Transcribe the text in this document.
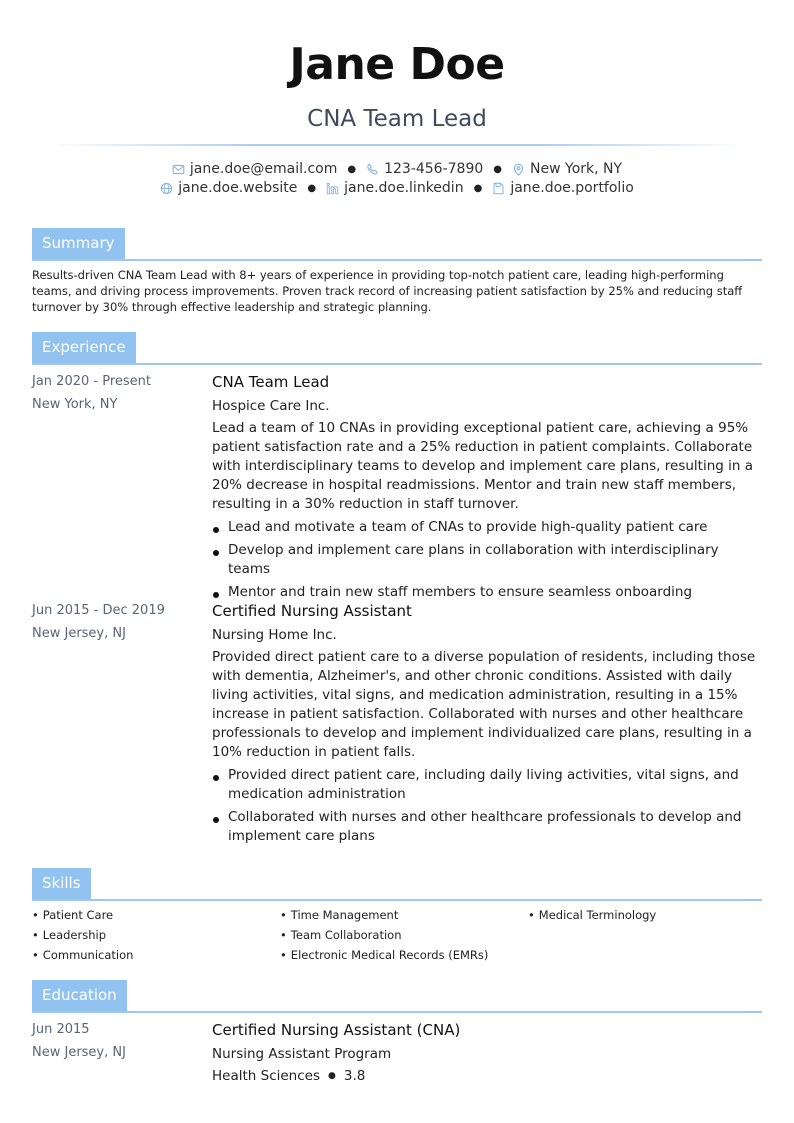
Jane Doe
CNA Team Lead
jane.doe@email.com ● 123-456-7890 ● New York, NY
jane.doe.website ● jane.doe.linkedin ● jane.doe.portfolio
Summary
Results-driven CNA Team Lead with 8+ years of experience in providing top-notch patient care, leading high-performing teams, and driving process improvements. Proven track record of increasing patient satisfaction by 25% and reducing staff turnover by 30% through effective leadership and strategic planning.
Experience
Jan 2020 - Present
New York, NY
CNA Team Lead
Hospice Care Inc.
Lead a team of 10 CNAs in providing exceptional patient care, achieving a 95% patient satisfaction rate and a 25% reduction in patient complaints. Collaborate with interdisciplinary teams to develop and implement care plans, resulting in a 20% decrease in hospital readmissions. Mentor and train new staff members, resulting in a 30% reduction in staff turnover.
Lead and motivate a team of CNAs to provide high-quality patient care
Develop and implement care plans in collaboration with interdisciplinary teams
Mentor and train new staff members to ensure seamless onboarding
Jun 2015 - Dec 2019
New Jersey, NJ
Certified Nursing Assistant
Nursing Home Inc.
Provided direct patient care to a diverse population of residents, including those with dementia, Alzheimer's, and other chronic conditions. Assisted with daily living activities, vital signs, and medication administration, resulting in a 15% increase in patient satisfaction. Collaborated with nurses and other healthcare professionals to develop and implement individualized care plans, resulting in a 10% reduction in patient falls.
Provided direct patient care, including daily living activities, vital signs, and medication administration
Collaborated with nurses and other healthcare professionals to develop and implement care plans
Skills
• Patient Care	• Time Management	• Medical Terminology
• Leadership	• Team Collaboration
• Communication	• Electronic Medical Records (EMRs)
Education
Jun 2015
New Jersey, NJ
Certified Nursing Assistant (CNA)
Nursing Assistant Program
Health Sciences ● 3.8
